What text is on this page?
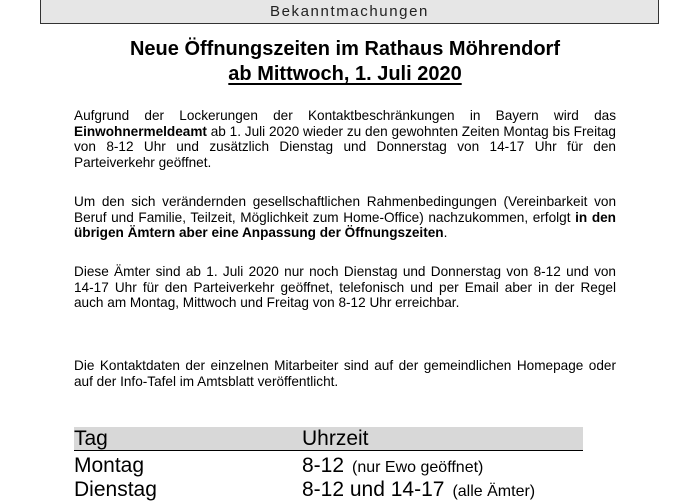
Bekanntmachungen
Neue Öffnungszeiten im Rathaus Möhrendorf
ab Mittwoch, 1. Juli 2020
Aufgrund der Lockerungen der Kontaktbeschränkungen in Bayern wird das Einwohnermeldeamt ab 1. Juli 2020 wieder zu den gewohnten Zeiten Montag bis Freitag von 8-12 Uhr und zusätzlich Dienstag und Donnerstag von 14-17 Uhr für den Parteiverkehr geöffnet.
Um den sich verändernden gesellschaftlichen Rahmenbedingungen (Vereinbarkeit von Beruf und Familie, Teilzeit, Möglichkeit zum Home-Office) nachzukommen, erfolgt in den übrigen Ämtern aber eine Anpassung der Öffnungszeiten.
Diese Ämter sind ab 1. Juli 2020 nur noch Dienstag und Donnerstag von 8-12 und von 14-17 Uhr für den Parteiverkehr geöffnet, telefonisch und per Email aber in der Regel auch am Montag, Mittwoch und Freitag von 8-12 Uhr erreichbar.
Die Kontaktdaten der einzelnen Mitarbeiter sind auf der gemeindlichen Homepage oder auf der Info-Tafel im Amtsblatt veröffentlicht.
Tag	Uhrzeit
Montag	8-12 (nur Ewo geöffnet)
Dienstag	8-12 und 14-17 (alle Ämter)
